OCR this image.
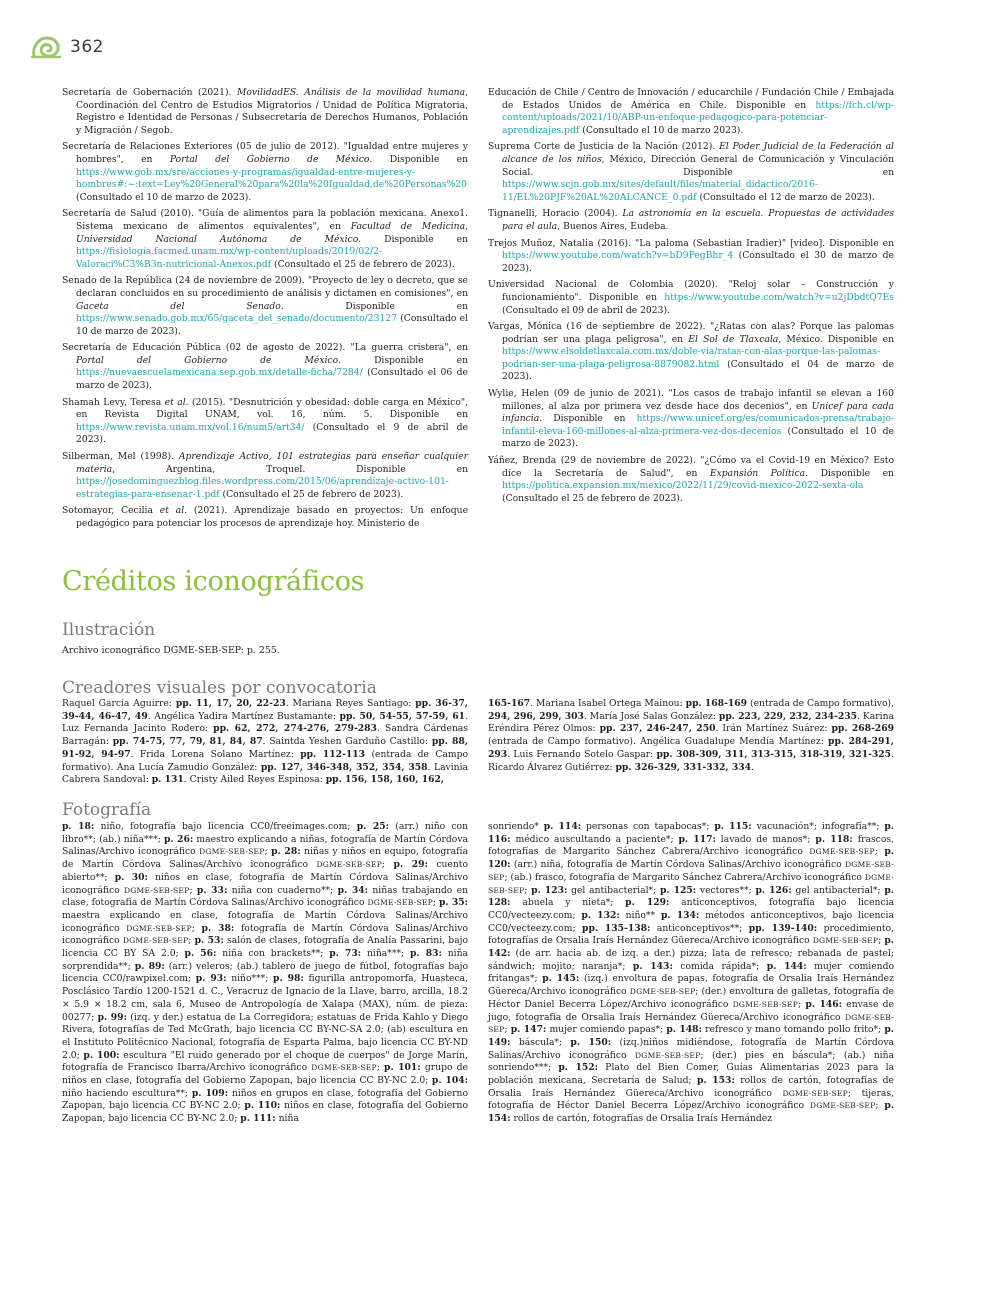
362

Secretaría de Gobernación (2021). MovilidadES. Análisis de la movilidad humana, Coordinación del Centro de Estudios Migratorios / Unidad de Política Migratoria, Registro e Identidad de Personas / Subsecretaría de Derechos Humanos, Población y Migración / Segob.

Secretaría de Relaciones Exteriores (05 de julio de 2012). "Igualdad entre mujeres y hombres", en Portal del Gobierno de México. Disponible en https://www.gob.mx/sre/acciones-y-programas/igualdad-entre-mujeres-y-hombres#:~:text=Ley%20General%20para%20la%20Igualdad,de%20Personas%20 (Consultado el 10 de marzo de 2023).

Secretaría de Salud (2010). "Guía de alimentos para la población mexicana. Anexo1. Sistema mexicano de alimentos equivalentes", en Facultad de Medicina, Universidad Nacional Autónoma de México. Disponible en https://fisiologia.facmed.unam.mx/wp-content/uploads/2019/02/2-Valoraci%C3%B3n-nutricional-Anexos.pdf (Consultado el 25 de febrero de 2023).

Senado de la República (24 de noviembre de 2009). "Proyecto de ley o decreto, que se declaran concluidos en su procedimiento de análisis y dictamen en comisiones", en Gaceta del Senado. Disponible en https://www.senado.gob.mx/65/gaceta_del_senado/documento/23127 (Consultado el 10 de marzo de 2023).

Secretaría de Educación Pública (02 de agosto de 2022). "La guerra cristera", en Portal del Gobierno de México. Disponible en https://nuevaescuelamexicana.sep.gob.mx/detalle-ficha/7284/ (Consultado el 06 de marzo de 2023).

Shamah Levy, Teresa et al. (2015). "Desnutrición y obesidad: doble carga en México", en Revista Digital UNAM, vol. 16, núm. 5. Disponible en https://www.revista.unam.mx/vol.16/num5/art34/ (Consultado el 9 de abril de 2023).

Silberman, Mel (1998). Aprendizaje Activo, 101 estrategias para enseñar cualquier materia, Argentina, Troquel. Disponible en https://josedominguezblog.files.wordpress.com/2015/06/aprendizaje-activo-101-estrategias-para-ensenar-1.pdf (Consultado el 25 de febrero de 2023).

Sotomayor, Cecilia et al. (2021). Aprendizaje basado en proyectos: Un enfoque pedagógico para potenciar los procesos de aprendizaje hoy. Ministerio de

Educación de Chile / Centro de Innovación / educarchile / Fundación Chile / Embajada de Estados Unidos de América en Chile. Disponible en https://fch.cl/wp-content/uploads/2021/10/ABP-un-enfoque-pedagogico-para-potenciar-aprendizajes.pdf (Consultado el 10 de marzo 2023).

Suprema Corte de Justicia de la Nación (2012). El Poder Judicial de la Federación al alcance de los niños, México, Dirección General de Comunicación y Vinculación Social. Disponible en https://www.scjn.gob.mx/sites/default/files/material_didactico/2016-11/EL%20PJF%20AL%20ALCANCE_0.pdf (Consultado el 12 de marzo de 2023).

Tignanelli, Horacio (2004). La astronomía en la escuela. Propuestas de actividades para el aula, Buenos Aires, Eudeba.

Trejos Muñoz, Natalia (2016). "La paloma (Sebastian Iradier)" [video]. Disponible en https://www.youtube.com/watch?v=bD9PegBhr_4 (Consultado el 30 de marzo de 2023).

Universidad Nacional de Colombia (2020). "Reloj solar – Construcción y funcionamiento". Disponible en https://www.youtube.com/watch?v=u2jDbdtQ7Es (Consultado el 09 de abril de 2023).

Vargas, Mónica (16 de septiembre de 2022). "¿Ratas con alas? Porque las palomas podrían ser una plaga peligrosa", en El Sol de Tlaxcala, México. Disponible en https://www.elsoldetlaxcala.com.mx/doble-via/ratas-con-alas-porque-las-palomas-podrian-ser-una-plaga-peligrosa-8879082.html (Consultado el 04 de marzo de 2023).

Wylie, Helen (09 de junio de 2021). "Los casos de trabajo infantil se elevan a 160 millones, al alza por primera vez desde hace dos decenios", en Unicef para cada infancia. Disponible en https://www.unicef.org/es/comunicados-prensa/trabajo-infantil-eleva-160-millones-al-alza-primera-vez-dos-decenios (Consultado el 10 de marzo de 2023).

Yáñez, Brenda (29 de noviembre de 2022). "¿Cómo va el Covid-19 en México? Esto dice la Secretaría de Salud", en Expansión Política. Disponible en https://politica.expansion.mx/mexico/2022/11/29/covid-mexico-2022-sexta-ola (Consultado el 25 de febrero de 2023).

Créditos iconográficos
Ilustración
Archivo iconográfico DGME-SEB-SEP: p. 255.
Creadores visuales por convocatoria
Raquel García Aguirre: pp. 11, 17, 20, 22-23. Mariana Reyes Santiago: pp. 36-37, 39-44, 46-47, 49. Angélica Yadira Martínez Bustamante: pp. 50, 54-55, 57-59, 61. Luz Fernanda Jacinto Rodero: pp. 62, 272, 274-276, 279-283. Sandra Cárdenas Barragán: pp. 74-75, 77, 79, 81, 84, 87. Saintda Yeshen Garduño Castillo: pp. 88, 91-92, 94-97. Frida Lorena Solano Martínez: pp. 112-113 (entrada de Campo formativo). Ana Lucía Zamudio González: pp. 127, 346-348, 352, 354, 358. Lavinia Cabrera Sandoval: p. 131. Cristy Ailed Reyes Espinosa: pp. 156, 158, 160, 162,
165-167. Mariana Isabel Ortega Mainou: pp. 168-169 (entrada de Campo formativo), 294, 296, 299, 303. María José Salas González: pp. 223, 229, 232, 234-235. Karina Eréndira Pérez Olmos: pp. 237, 246-247, 250. Irán Martínez Suárez: pp. 268-269 (entrada de Campo formativo). Angélica Guadalupe Mendía Martínez: pp. 284-291, 293. Luis Fernando Sotelo Gaspar: pp. 308-309, 311, 313-315, 318-319, 321-325. Ricardo Álvarez Gutiérrez: pp. 326-329, 331-332, 334.
Fotografía
p. 18: niño, fotografía bajo licencia CC0/freeimages.com; p. 25: (arr.) niño con libro**; (ab.) niña***; p. 26: maestro explicando a niñas, fotografía de Martín Córdova Salinas/Archivo iconográfico DGME-SEB-SEP; p. 28: niñas y niños en equipo, fotografía de Martín Córdova Salinas/Archivo iconográfico DGME-SEB-SEP; p. 29: cuento abierto**; p. 30: niños en clase, fotografía de Martín Córdova Salinas/Archivo iconográfico DGME-SEB-SEP; p. 33: niña con cuaderno**; p. 34: niñas trabajando en clase, fotografía de Martín Córdova Salinas/Archivo iconográfico DGME-SEB-SEP; p. 35: maestra explicando en clase, fotografía de Martín Córdova Salinas/Archivo iconográfico DGME-SEB-SEP; p. 38: fotografía de Martín Córdova Salinas/Archivo iconográfico DGME-SEB-SEP; p. 53: salón de clases, fotografía de Analía Passarini, bajo licencia CC BY SA 2.0; p. 56: niña con brackets**; p. 73: niña***; p. 83: niña sorprendida**; p. 89: (arr.) veleros; (ab.) tablero de juego de fútbol, fotografías bajo licencia CC0/rawpixel.com; p. 93: niño***; p. 98: figurilla antropomorfa, Huasteca, Posclásico Tardío 1200-1521 d. C., Veracruz de Ignacio de la Llave, barro, arcilla, 18.2 × 5.9 × 18.2 cm, sala 6, Museo de Antropología de Xalapa (MAX), núm. de pieza: 00277; p. 99: (izq. y der.) estatua de La Corregidora; estatuas de Frida Kahlo y Diego Rivera, fotografías de Ted McGrath, bajo licencia CC BY-NC-SA 2.0; (ab) escultura en el Instituto Politécnico Nacional, fotografía de Esparta Palma, bajo licencia CC BY-ND 2.0; p. 100: escultura "El ruido generado por el choque de cuerpos" de Jorge Marín, fotografía de Francisco Ibarra/Archivo iconográfico DGME-SEB-SEP; p. 101: grupo de niños en clase, fotografía del Gobierno Zapopan, bajo licencia CC BY-NC 2.0; p. 104: niño haciendo escultura**; p. 109: niños en grupos en clase, fotografía del Gobierno Zapopan, bajo licencia CC BY-NC 2.0; p. 110: niños en clase, fotografía del Gobierno Zapopan, bajo licencia CC BY-NC 2.0; p. 111: niña
sonriendo* p. 114: personas con tapabocas*; p. 115: vacunación*; infografía**; p. 116: médico auscultando a paciente*; p. 117: lavado de manos*; p. 118: frascos, fotografías de Margarito Sánchez Cabrera/Archivo iconográfico DGME-SEB-SEP; p. 120: (arr.) niña, fotografía de Martín Córdova Salinas/Archivo iconográfico DGME-SEB-SEP; (ab.) frasco, fotografía de Margarito Sánchez Cabrera/Archivo iconográfico DGME-SEB-SEP; p. 123: gel antibacterial*; p. 125: vectores**; p. 126: gel antibacterial*; p. 128: abuela y nieta*; p. 129: anticonceptivos, fotografía bajo licencia CC0/vecteezy.com; p. 132: niño** p. 134: métodos anticonceptivos, bajo licencia CC0/vecteezy.com; pp. 135-138: anticonceptivos**; pp. 139-140: procedimiento, fotografías de Orsalia Iraís Hernández Güereca/Archivo iconográfico DGME-SEB-SEP; p. 142: (de arr. hacia ab. de izq. a der.) pizza; lata de refresco; rebanada de pastel; sándwich; mojito; naranja*; p. 143: comida rápida*; p. 144: mujer comiendo fritangas*; p. 145: (izq.) envoltura de papas, fotografía de Orsalia Iraís Hernández Güereca/Archivo iconográfico DGME-SEB-SEP; (der.) envoltura de galletas, fotografía de Héctor Daniel Becerra López/Archivo iconográfico DGME-SEB-SEP; p. 146: envase de jugo, fotografía de Orsalia Iraís Hernández Güereca/Archivo iconográfico DGME-SEB-SEP; p. 147: mujer comiendo papas*; p. 148: refresco y mano tomando pollo frito*; p. 149: báscula*; p. 150: (izq.)niños midiéndose, fotografía de Martín Córdova Salinas/Archivo iconográfico DGME-SEB-SEP; (der.) pies en báscula*; (ab.) niña sonriendo***; p. 152: Plato del Bien Comer, Guías Alimentarias 2023 para la población mexicana, Secretaría de Salud; p. 153: rollos de cartón, fotografías de Orsalia Iraís Hernández Güereca/Archivo iconográfico DGME-SEB-SEP; tijeras, fotografía de Héctor Daniel Becerra López/Archivo iconográfico DGME-SEB-SEP; p. 154: rollos de cartón, fotografías de Orsalia Iraís Hernández
